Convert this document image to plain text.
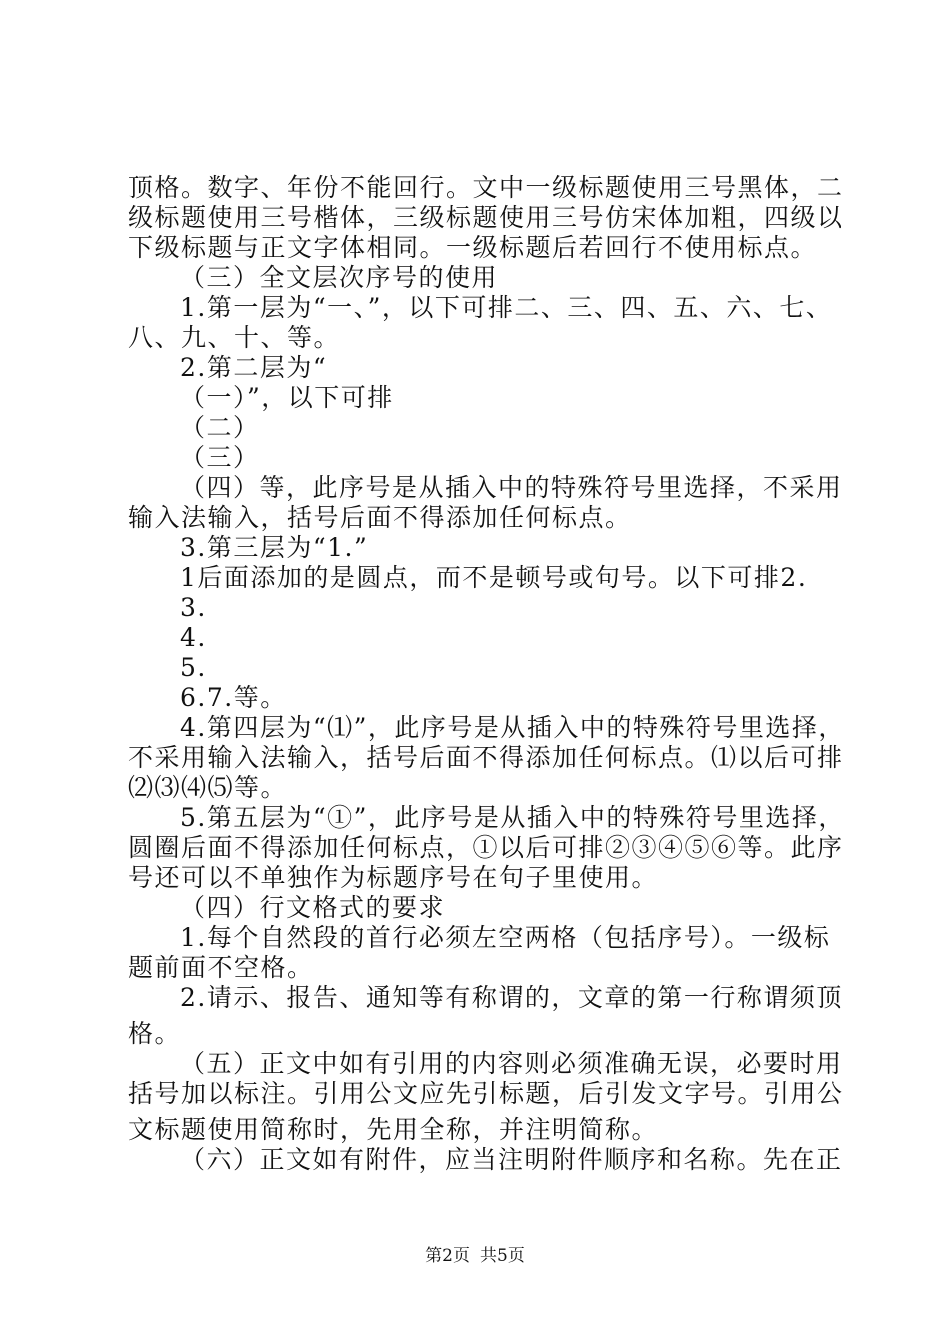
顶格。数字、年份不能回行。文中一级标题使用三号黑体，二
级标题使用三号楷体，三级标题使用三号仿宋体加粗，四级以
下级标题与正文字体相同。一级标题后若回行不使用标点。
（三）全文层次序号的使用
1.第一层为“一、”，以下可排二、三、四、五、六、七、
八、九、十、等。
2.第二层为“
（一）”，以下可排
（二）
（三）
（四）等，此序号是从插入中的特殊符号里选择，不采用
输入法输入，括号后面不得添加任何标点。
3.第三层为“1.”
1后面添加的是圆点，而不是顿号或句号。以下可排2.
3.
4.
5.
6.7.等。
4.第四层为“⑴”，此序号是从插入中的特殊符号里选择，
不采用输入法输入，括号后面不得添加任何标点。⑴以后可排
⑵⑶⑷⑸等。
5.第五层为“①”，此序号是从插入中的特殊符号里选择，
圆圈后面不得添加任何标点，①以后可排②③④⑤⑥等。此序
号还可以不单独作为标题序号在句子里使用。
（四）行文格式的要求
1.每个自然段的首行必须左空两格（包括序号）。一级标
题前面不空格。
2.请示、报告、通知等有称谓的，文章的第一行称谓须顶
格。
（五）正文中如有引用的内容则必须准确无误，必要时用
括号加以标注。引用公文应先引标题，后引发文字号。引用公
文标题使用简称时，先用全称，并注明简称。
（六）正文如有附件，应当注明附件顺序和名称。先在正
第2页 共5页
